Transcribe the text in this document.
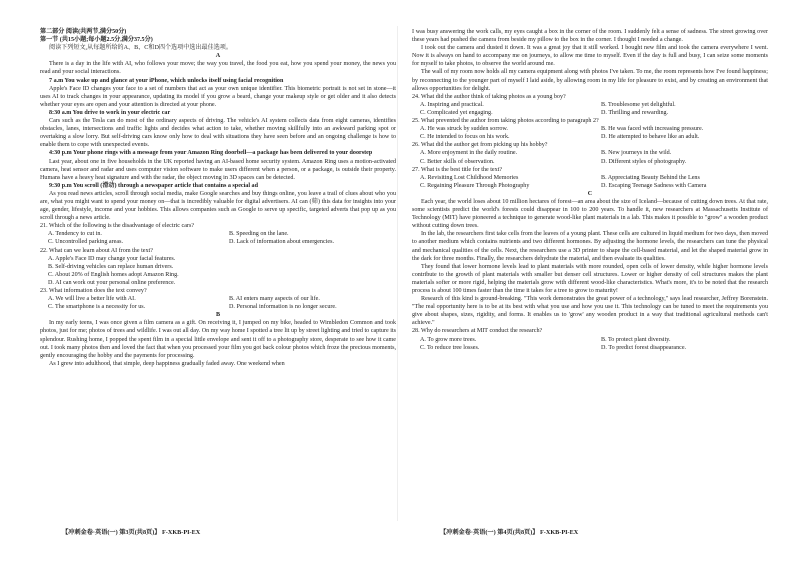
第二部分 阅读(共两节,满分50分)

第一节 (共15小题;每小题2.5分,满分37.5分)

阅读下列短文,从每题所给的A、B、C和D四个选项中选出最佳选项。

A

There is a day in the life with AI, who follows your move; the way you travel, the food you eat, how you spend your money, the news you read and your social interactions.

7 a.m You wake up and glance at your iPhone, which unlocks itself using facial recognition

Apple's Face ID changes your face to a set of numbers that act as your own unique identifier. This biometric portrait is not set in stone—it uses AI to track changes in your appearance, updating its model if you grow a beard, change your makeup style or get older and it also detects whether your eyes are open and your attention is directed at your phone.

8:30 a.m You drive to work in your electric car

Cars such as the Tesla can do most of the ordinary aspects of driving. The vehicle's AI system collects data from eight cameras, identifies obstacles, lanes, intersections and traffic lights and decides what action to take, whether moving skillfully into an awkward parking spot or overtaking a slow lorry. But self-driving cars know only how to deal with situations they have seen before and an ongoing challenge is how to enable them to cope with unexpected events.

4:30 p.m Your phone rings with a message from your Amazon Ring doorbell—a package has been delivered to your doorstep

Last year, about one in five households in the UK reported having an AI-based home security system. Amazon Ring uses a motion-activated camera, heat sensor and radar and uses computer vision software to make users different when a person, or a package, is outside their property. Humans have a heavy heat signature and with the radar, the object moving in 3D spaces can be detected.

9:30 p.m You scroll (滑动) through a newspaper article that contains a special ad

As you read news articles, scroll through social media, make Google searches and buy things online, you leave a trail of clues about who you are, what you might want to spend your money on—that is incredibly valuable for digital advertisers. AI can (筛) this data for insights into your age, gender, lifestyle, income and your hobbies. This allows companies such as Google to serve up specific, targeted adverts that pop up as you scroll through a news article.

21. Which of the following is the disadvantage of electric cars?

A. Tendency to cut in.	B. Speeding on the lane.
C. Uncontrolled parking areas.	D. Lack of information about emergencies.

22. What can we learn about AI from the text?

A. Apple's Face ID may change your facial features.
B. Self-driving vehicles can replace human drivers.
C. About 20% of English homes adopt Amazon Ring.
D. AI can work out your personal online preference.

23. What information does the text convey?

A. We will live a better life with AI.	B. AI enters many aspects of our life.
C. The smartphone is a necessity for us.	D. Personal information is no longer secure.

B

In my early teens, I was once given a film camera as a gift. On receiving it, I jumped on my bike, headed to Wimbledon Common and took photos, just for me; photos of trees and wildlife. I was out all day. On my way home I spotted a tree lit up by street lighting and tried to capture its splendour. Rushing home, I popped the spent film in a special little envelope and sent it off to a photography store, desperate to see how it came out. I took many photos then and loved the fact that when you processed your film you got back colour photos which froze the precious moments, gently encouraging the hobby and the payments for processing.

As I grew into adulthood, that simple, deep happiness gradually faded away. One weekend when

I was busy answering the work calls, my eyes caught a box in the corner of the room. I suddenly felt a sense of sadness. The street growing over these years had pushed the camera from beside my pillow to the box in the corner. I thought I needed a change.

I took out the camera and dusted it down. It was a great joy that it still worked. I bought new film and took the camera everywhere I went. Now it is always on hand to accompany me on journeys, to allow me time to myself. Even if the day is full and busy, I can seize some moments for myself to take photos, to observe the world around me.

The wall of my room now holds all my camera equipment along with photos I've taken. To me, the room represents how I've found happiness; by reconnecting to the younger part of myself I laid aside, by allowing room in my life for pleasure to exist, and by creating an environment that allows opportunities for delight.

24. What did the author think of taking photos as a young boy?

A. Inspiring and practical.	B. Troublesome yet delightful.
C. Complicated yet engaging.	D. Thrilling and rewarding.

25. What prevented the author from taking photos according to paragraph 2?

A. He was struck by sudden sorrow.	B. He was faced with increasing pressure.
C. He intended to focus on his work.	D. He attempted to behave like an adult.

26. What did the author get from picking up his hobby?

A. More enjoyment in the daily routine.	B. New journeys in the wild.
C. Better skills of observation.	D. Different styles of photography.

27. What is the best title for the text?

A. Revisiting Lost Childhood Memories	B. Appreciating Beauty Behind the Lens
C. Regaining Pleasure Through Photography	D. Escaping Teenage Sadness with Camera

C

Each year, the world loses about 10 million hectares of forest—an area about the size of Iceland—because of cutting down trees. At that rate, some scientists predict the world's forests could disappear in 100 to 200 years. To handle it, new researchers at Massachusetts Institute of Technology (MIT) have pioneered a technique to generate wood-like plant materials in a lab. This makes it possible to "grow" a wooden product without cutting down trees.

In the lab, the researchers first take cells from the leaves of a young plant. These cells are cultured in liquid medium for two days, then moved to another medium which contains nutrients and two different hormones. By adjusting the hormone levels, the researchers can tune the physical and mechanical qualities of the cells. Next, the researchers use a 3D printer to shape the cell-based material, and let the shaped material grow in the dark for three months. Finally, the researchers dehydrate the material, and then evaluate its qualities.

They found that lower hormone levels lead to plant materials with more rounded, open cells of lower density, while higher hormone levels contribute to the growth of plant materials with smaller but denser cell structures. Lower or higher density of cell structures makes the plant materials softer or more rigid, helping the materials grow with different wood-like characteristics. What's more, it's to be noted that the research process is about 100 times faster than the time it takes for a tree to grow to maturity!

Research of this kind is ground-breaking. "This work demonstrates the great power of a technology," says lead researcher, Jeffrey Borenstein. "The real opportunity here is to be at its best with what you use and how you use it. This technology can be tuned to meet the requirements you give about shapes, sizes, rigidity, and forms. It enables us to 'grow' any wooden product in a way that traditional agricultural methods can't achieve."

28. Why do researchers at MIT conduct the research?

A. To grow more trees.	B. To protect plant diversity.
C. To reduce tree losses.	D. To predict forest disappearance.
【冲刺金卷·英语(一) 第3页(共8页)】 F-XKB-PI-EX	【冲刺金卷·英语(一) 第4页(共8页)】 F-XKB-PI-EX
